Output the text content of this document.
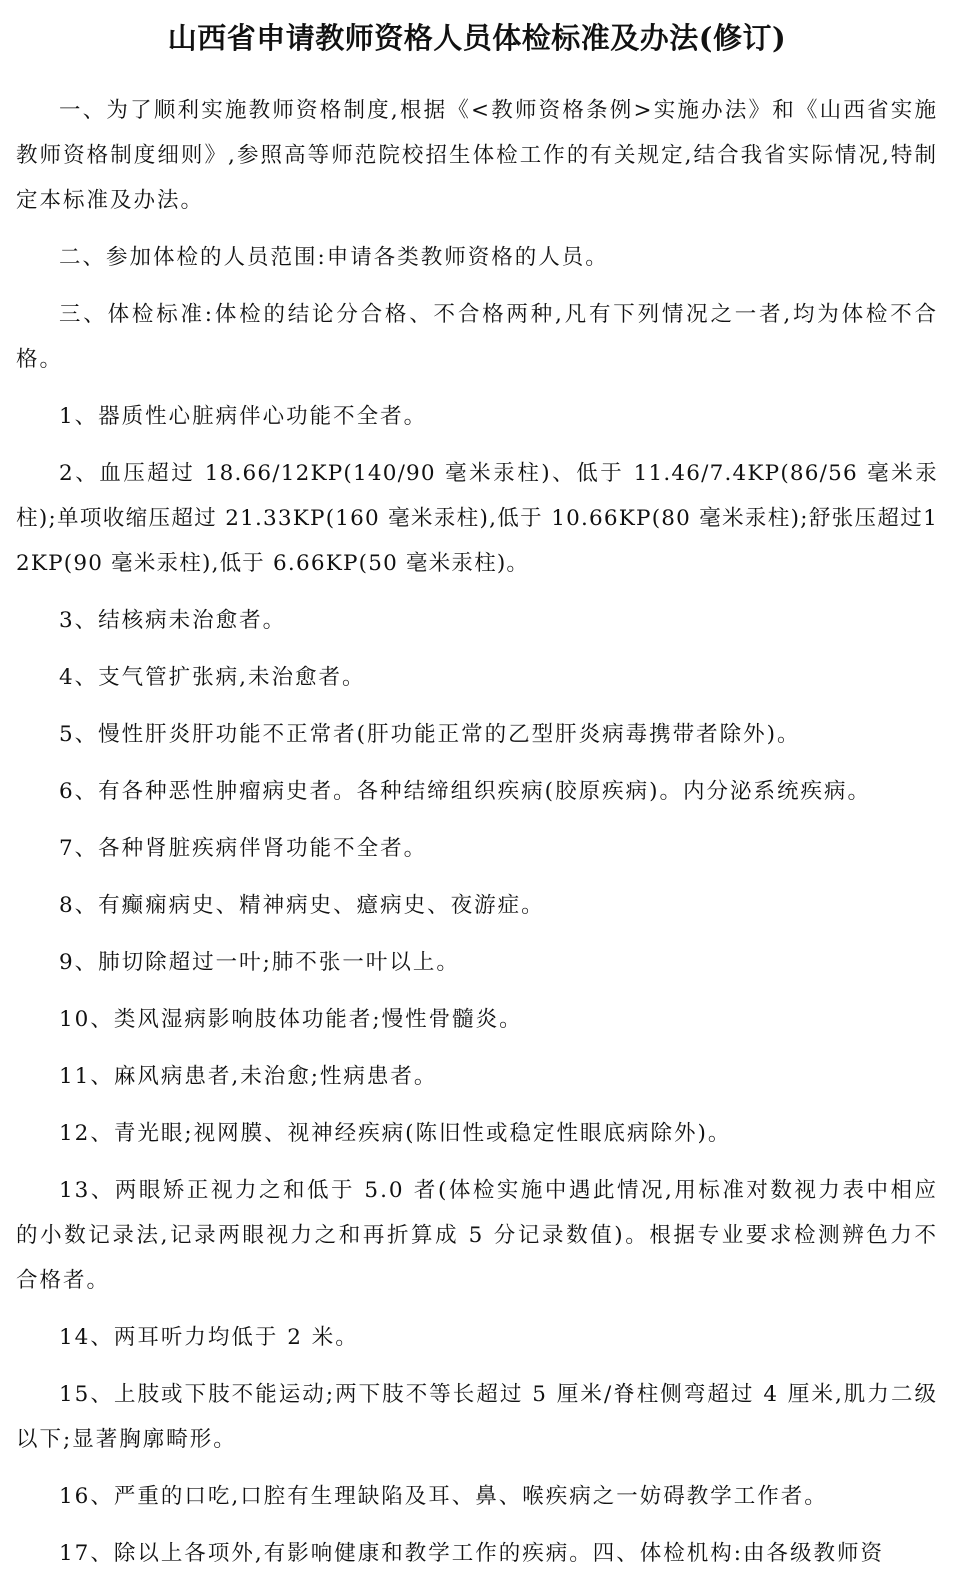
山西省申请教师资格人员体检标准及办法(修订)

一、为了顺利实施教师资格制度,根据《<教师资格条例>实施办法》和《山西省实施教师资格制度细则》,参照高等师范院校招生体检工作的有关规定,结合我省实际情况,特制定本标准及办法。

二、参加体检的人员范围:申请各类教师资格的人员。

三、体检标准:体检的结论分合格、不合格两种,凡有下列情况之一者,均为体检不合格。

1、器质性心脏病伴心功能不全者。

2、血压超过 18.66/12KP(140/90 毫米汞柱)、低于 11.46/7.4KP(86/56 毫米汞柱);单项收缩压超过 21.33KP(160 毫米汞柱),低于 10.66KP(80 毫米汞柱);舒张压超过12KP(90 毫米汞柱),低于 6.66KP(50 毫米汞柱)。

3、结核病未治愈者。

4、支气管扩张病,未治愈者。

5、慢性肝炎肝功能不正常者(肝功能正常的乙型肝炎病毒携带者除外)。

6、有各种恶性肿瘤病史者。各种结缔组织疾病(胶原疾病)。内分泌系统疾病。

7、各种肾脏疾病伴肾功能不全者。

8、有癫痫病史、精神病史、癔病史、夜游症。

9、肺切除超过一叶;肺不张一叶以上。

10、类风湿病影响肢体功能者;慢性骨髓炎。

11、麻风病患者,未治愈;性病患者。

12、青光眼;视网膜、视神经疾病(陈旧性或稳定性眼底病除外)。

13、两眼矫正视力之和低于 5.0 者(体检实施中遇此情况,用标准对数视力表中相应的小数记录法,记录两眼视力之和再折算成 5 分记录数值)。根据专业要求检测辨色力不合格者。

14、两耳听力均低于 2 米。

15、上肢或下肢不能运动;两下肢不等长超过 5 厘米/脊柱侧弯超过 4 厘米,肌力二级以下;显著胸廓畸形。

16、严重的口吃,口腔有生理缺陷及耳、鼻、喉疾病之一妨碍教学工作者。

17、除以上各项外,有影响健康和教学工作的疾病。四、体检机构:由各级教师资
